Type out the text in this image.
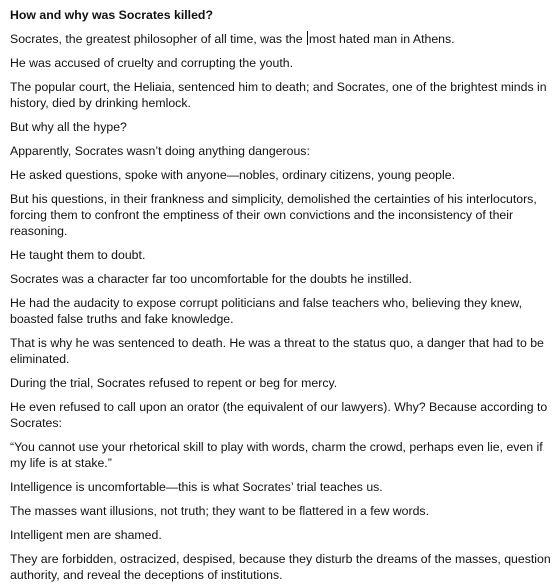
How and why was Socrates killed?

Socrates, the greatest philosopher of all time, was the most hated man in Athens.

He was accused of cruelty and corrupting the youth.

The popular court, the Heliaia, sentenced him to death; and Socrates, one of the brightest minds in history, died by drinking hemlock.

But why all the hype?

Apparently, Socrates wasn’t doing anything dangerous:

He asked questions, spoke with anyone—nobles, ordinary citizens, young people.

But his questions, in their frankness and simplicity, demolished the certainties of his interlocutors, forcing them to confront the emptiness of their own convictions and the inconsistency of their reasoning.

He taught them to doubt.

Socrates was a character far too uncomfortable for the doubts he instilled.

He had the audacity to expose corrupt politicians and false teachers who, believing they knew, boasted false truths and fake knowledge.

That is why he was sentenced to death. He was a threat to the status quo, a danger that had to be eliminated.

During the trial, Socrates refused to repent or beg for mercy.

He even refused to call upon an orator (the equivalent of our lawyers). Why? Because according to Socrates:

“You cannot use your rhetorical skill to play with words, charm the crowd, perhaps even lie, even if my life is at stake.”

Intelligence is uncomfortable—this is what Socrates’ trial teaches us.

The masses want illusions, not truth; they want to be flattered in a few words.

Intelligent men are shamed.

They are forbidden, ostracized, despised, because they disturb the dreams of the masses, question authority, and reveal the deceptions of institutions.
